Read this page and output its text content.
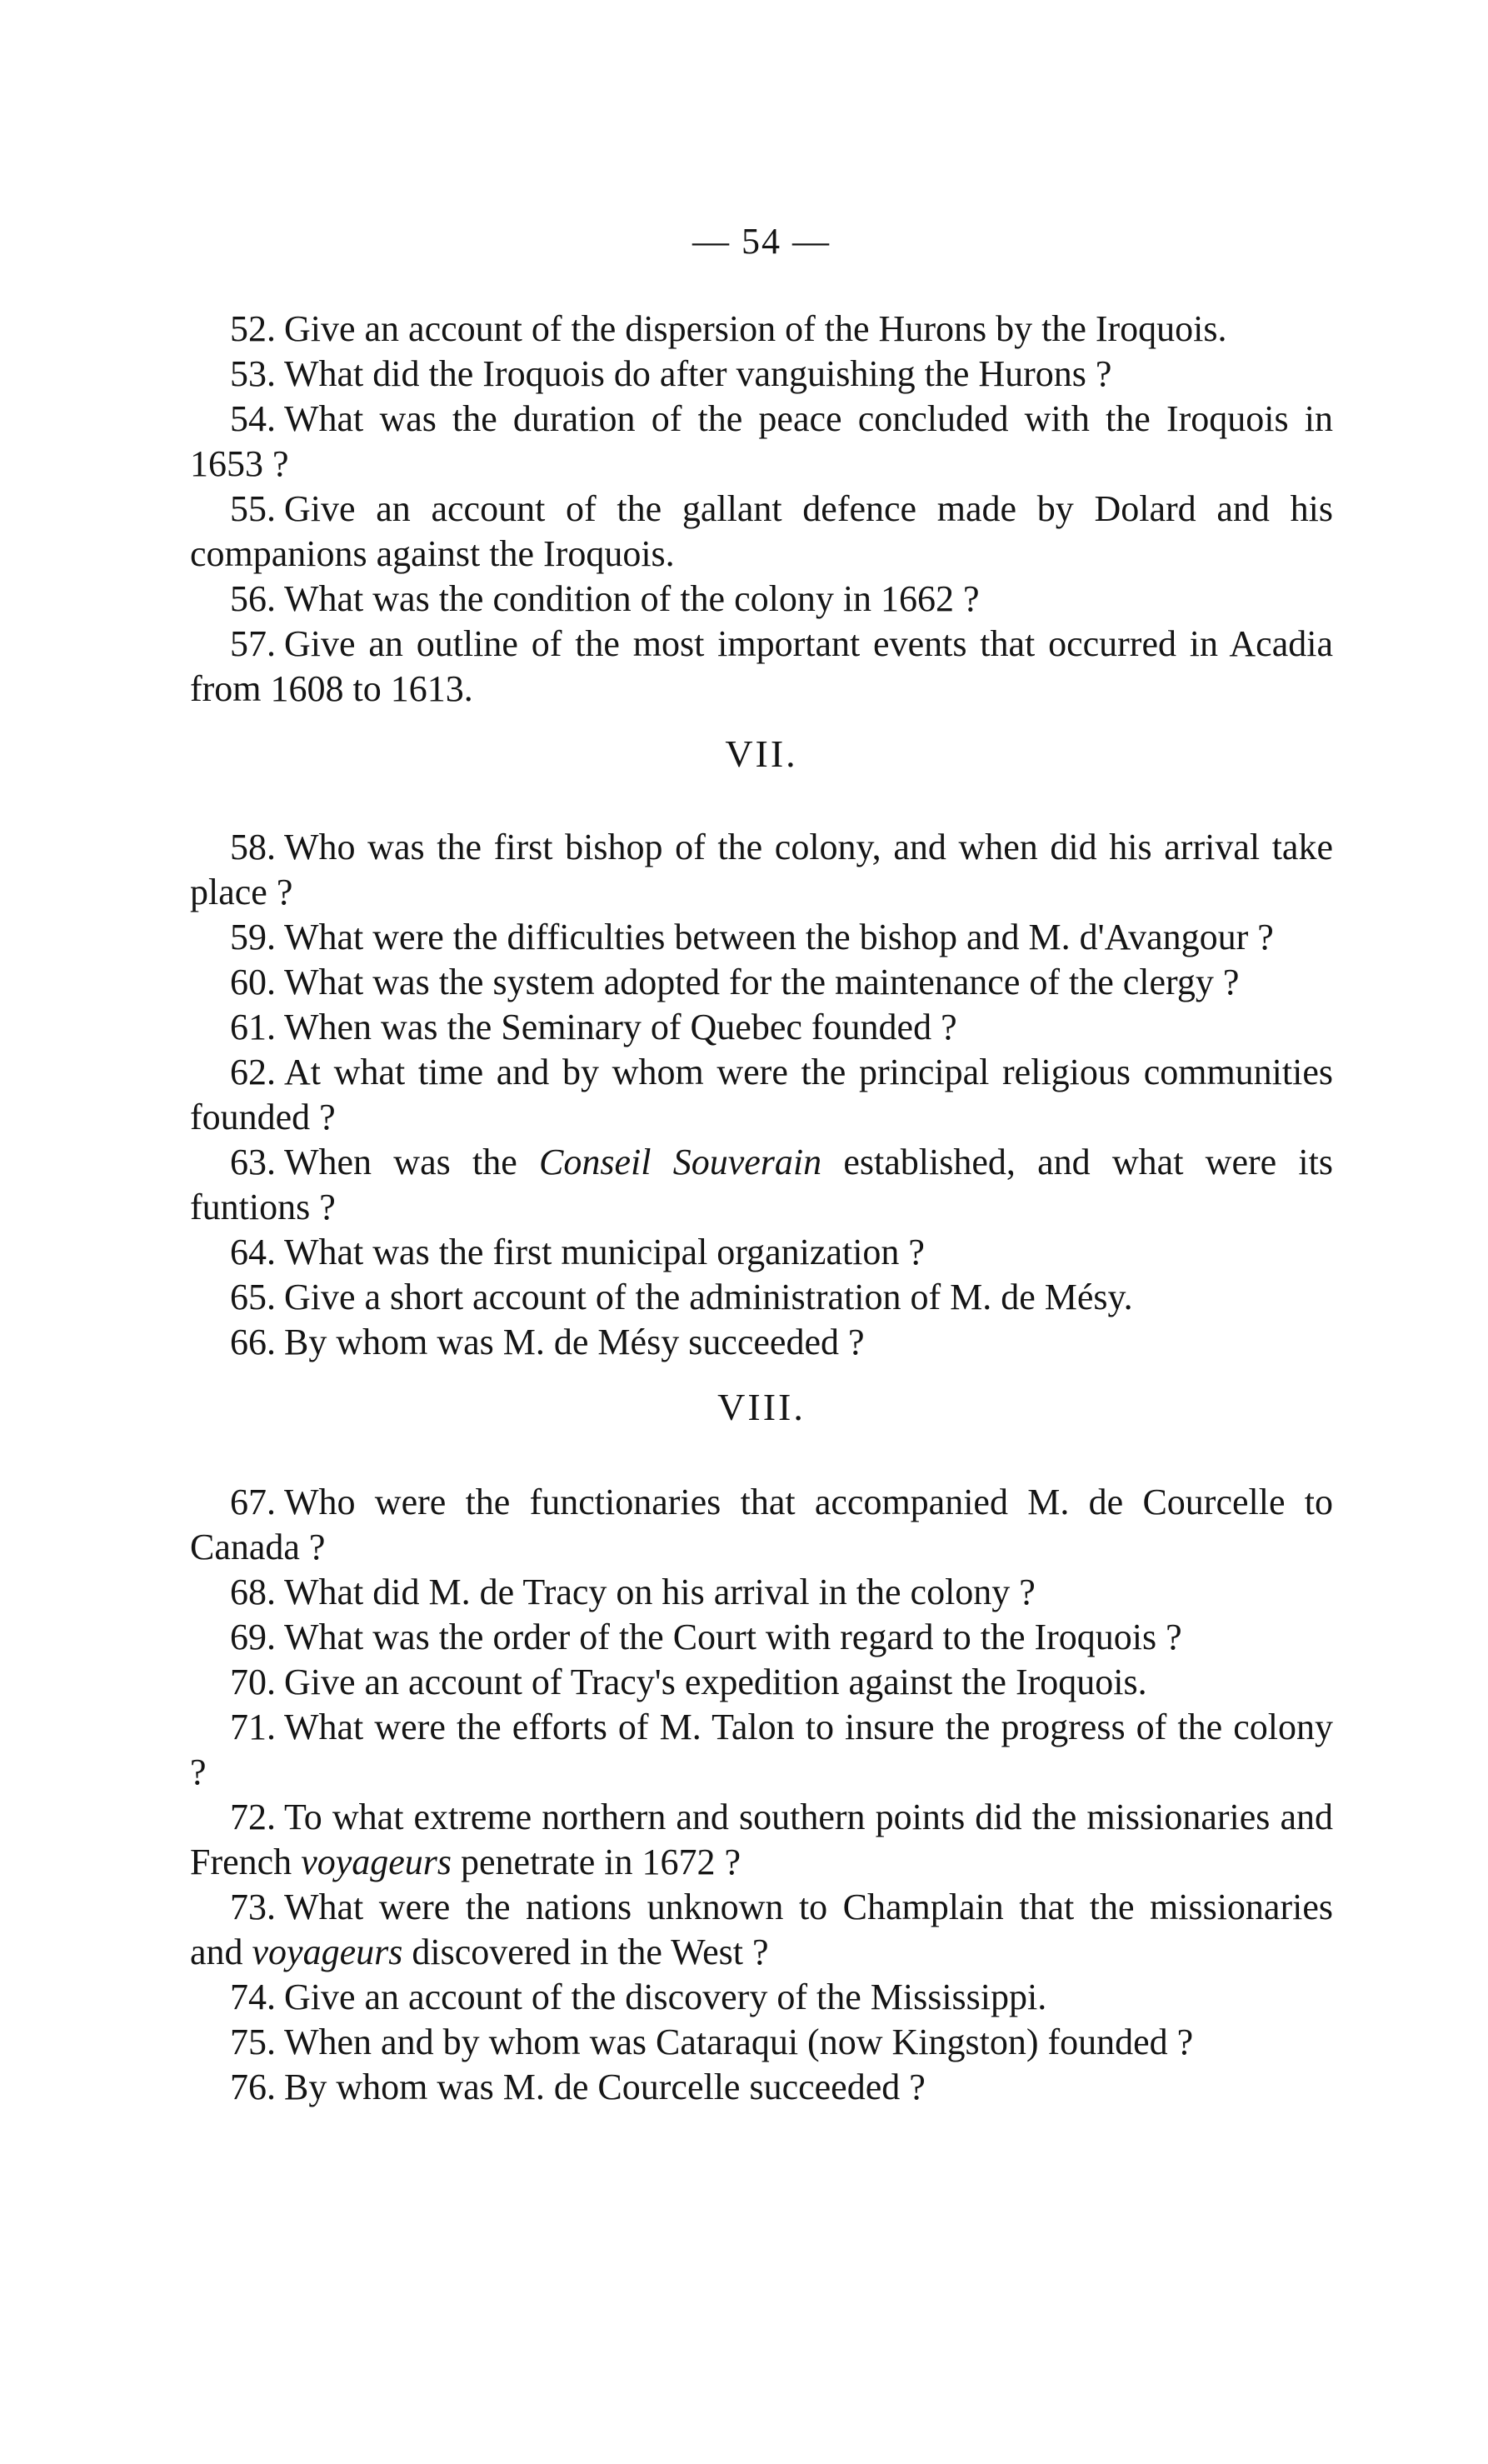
— 54 —

52. Give an account of the dispersion of the Hurons by the Iroquois.

53. What did the Iroquois do after vanguishing the Hurons ?

54. What was the duration of the peace concluded with the Iroquois in 1653 ?

55. Give an account of the gallant defence made by Dolard and his companions against the Iroquois.

56. What was the condition of the colony in 1662 ?

57. Give an outline of the most important events that occurred in Acadia from 1608 to 1613.

VII.

58. Who was the first bishop of the colony, and when did his arrival take place ?

59. What were the difficulties between the bishop and M. d'Avangour ?

60. What was the system adopted for the maintenance of the clergy ?

61. When was the Seminary of Quebec founded ?

62. At what time and by whom were the principal religious communities founded ?

63. When was the Conseil Souverain established, and what were its funtions ?

64. What was the first municipal organization ?

65. Give a short account of the administration of M. de Mésy.

66. By whom was M. de Mésy succeeded ?

VIII.

67. Who were the functionaries that accompanied M. de Courcelle to Canada ?

68. What did M. de Tracy on his arrival in the colony ?

69. What was the order of the Court with regard to the Iroquois ?

70. Give an account of Tracy's expedition against the Iroquois.

71. What were the efforts of M. Talon to insure the progress of the colony ?

72. To what extreme northern and southern points did the missionaries and French voyageurs penetrate in 1672 ?

73. What were the nations unknown to Champlain that the missionaries and voyageurs discovered in the West ?

74. Give an account of the discovery of the Mississippi.

75. When and by whom was Cataraqui (now Kingston) founded ?

76. By whom was M. de Courcelle succeeded ?
